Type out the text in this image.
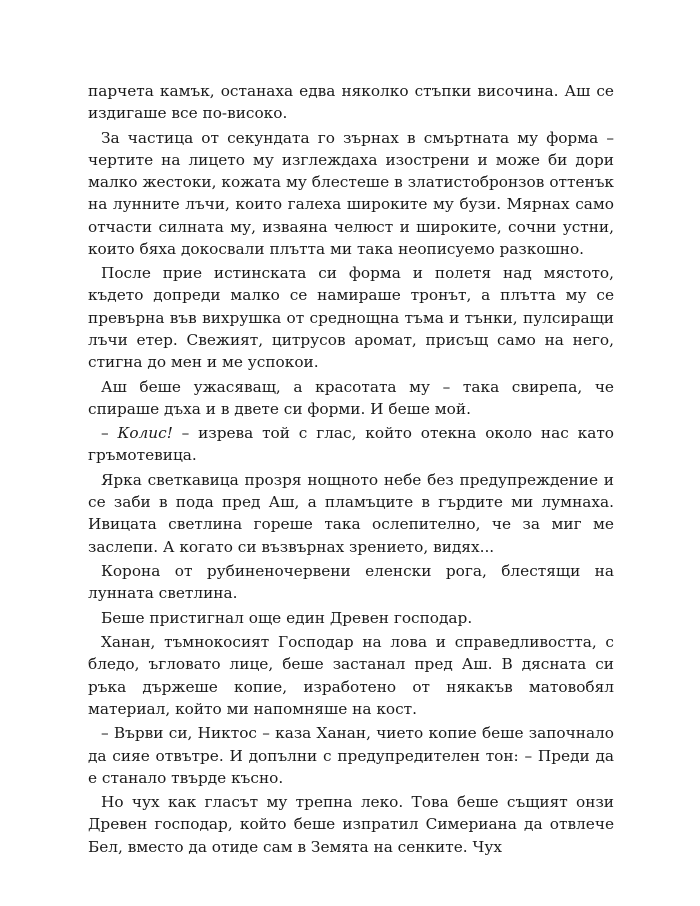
парчета камък, останаха едва няколко стъпки височина. Аш се издигаше все по-високо.

За частица от секундата го зърнах в смъртната му форма – чертите на лицето му изглеждаха изострени и може би дори малко жестоки, кожата му блестеше в златистобронзов оттенък на лунните лъчи, които галеха широките му бузи. Мярнах само отчасти силната му, изваяна челюст и широките, сочни устни, които бяха докосвали плътта ми така неописуемо разкошно.

После прие истинската си форма и полетя над мястото, където допреди малко се намираше тронът, а плътта му се превърна във вихрушка от среднощна тъма и тънки, пулсиращи лъчи етер. Свежият, цитрусов аромат, присъщ само на него, стигна до мен и ме успокои.

Аш беше ужасяващ, а красотата му – така свирепа, че спираше дъха и в двете си форми. И беше мой.

– Колис! – изрева той с глас, който отекна около нас като гръмотевица.

Ярка светкавица прозря нощното небе без предупреждение и се заби в пода пред Аш, а пламъците в гърдите ми лумнаха. Ивицата светлина гореше така ослепително, че за миг ме заслепи. А когато си възвърнах зрението, видях...

Корона от рубиненочервени еленски рога, блестящи на лунната светлина.

Беше пристигнал още един Древен господар.

Ханан, тъмнокосият Господар на лова и справедливостта, с бледо, ъгловато лице, беше застанал пред Аш. В дясната си ръка държеше копие, изработено от някакъв матовобял материал, който ми напомняше на кост.

– Върви си, Никтос – каза Ханан, чието копие беше започнало да сияе отвътре. И допълни с предупредителен тон: – Преди да е станало твърде късно.

Но чух как гласът му трепна леко. Това беше същият онзи Древен господар, който беше изпратил Симериана да отвлече Бел, вместо да отиде сам в Земята на сенките. Чух
